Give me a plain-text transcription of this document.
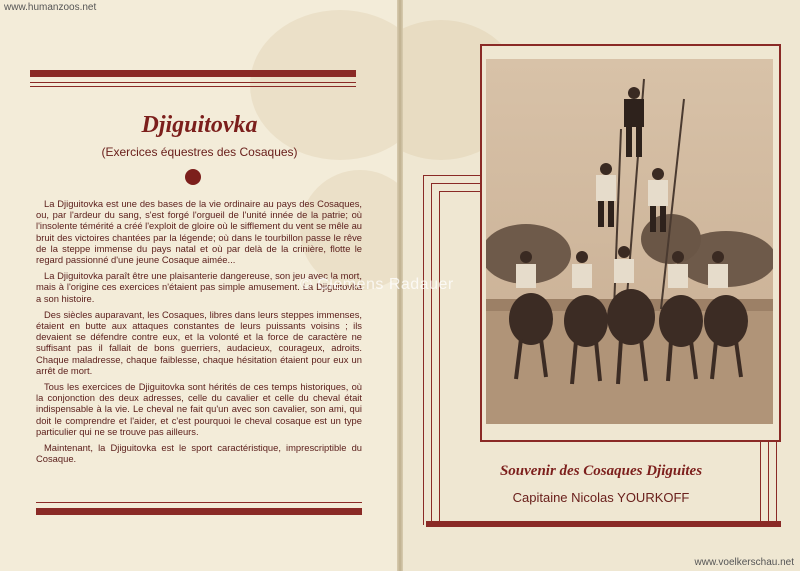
www.humanzoos.net
www.voelkerschau.net
Djiguitovka
(Exercices équestres des Cosaques)

La Djiguitovka est une des bases de la vie ordinaire au pays des Cosaques, ou, par l'ardeur du sang, s'est forgé l'orgueil de l'unité innée de la patrie; où l'insolente témérité a créé l'exploit de gloire où le sifflement du vent se mêle au bruit des victoires chantées par la légende; où dans le tourbillon passe le rêve de la steppe immense du pays natal et où par delà de la crinière, flotte le regard passionné d'une jeune Cosaque aimée...

La Djiguitovka paraît être une plaisanterie dangereuse, son jeu avec la mort, mais à l'origine ces exercices n'étaient pas simple amusement. La Djiguitovka a son histoire.

Des siècles auparavant, les Cosaques, libres dans leurs steppes immenses, étaient en butte aux attaques constantes de leurs puissants voisins ; ils devaient se défendre contre eux, et la volonté et la force de caractère ne suffisant pas il fallait de bons guerriers, audacieux, courageux, adroits. Chaque maladresse, chaque faiblesse, chaque hésitation étaient pour eux un arrêt de mort.

Tous les exercices de Djiguitovka sont hérités de ces temps historiques, où la conjonction des deux adresses, celle du cavalier et celle du cheval était indispensable à la vie. Le cheval ne fait qu'un avec son cavalier, son ami, qui doit le comprendre et l'aider, et c'est pourquoi le cheval cosaque est un type particulier qui ne se trouve pas ailleurs.

Maintenant, la Djiguitovka est le sport caractéristique, imprescriptible du Cosaque.

© Clemens Radauer
Souvenir des Cosaques Djiguites
Capitaine Nicolas YOURKOFF
